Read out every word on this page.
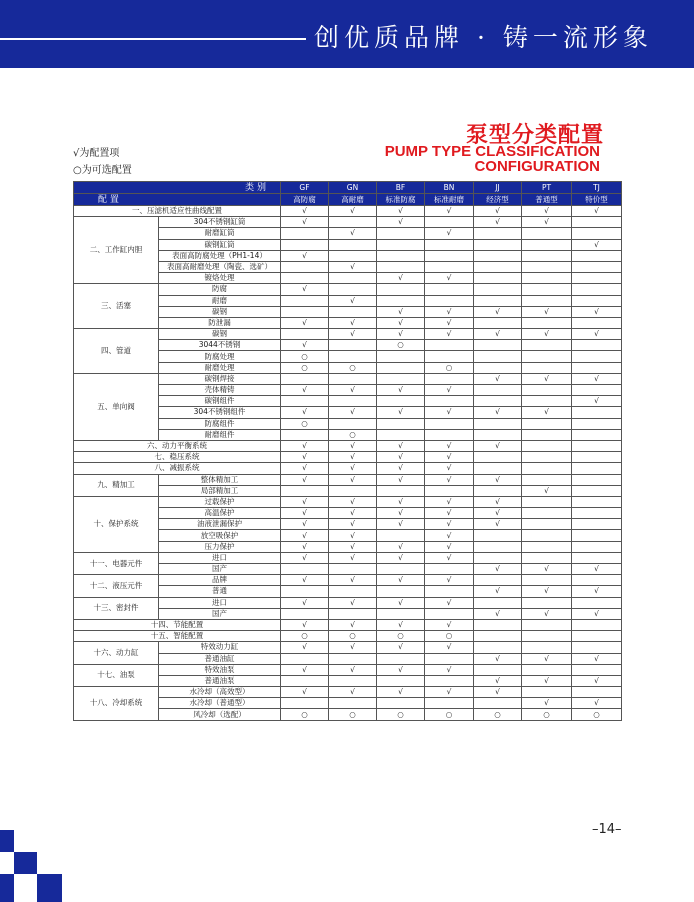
创优质品牌 · 铸一流形象
泵型分类配置
PUMP TYPE CLASSIFICATION
CONFIGURATION
√为配置项
○为可选配置
类 别		GF	GN	BF	BN	JJ	PT	TJ
配 置		高防腐	高耐磨	标准防腐	标准耐磨	经济型	普通型	特价型
一、压滤机适应性曲线配置		√	√	√	√	√	√	√
二、工作缸内胆	304不锈钢缸筒	√		√		√	√	
	耐磨缸筒		√		√			
	碳钢缸筒							√
	表面高防腐处理（PH1-14）	√						
	表面高耐磨处理（陶瓷、选矿）		√					
	镀烙处理			√	√			
三、活塞	防腐	√						
	耐磨		√					
	碳钢			√	√	√	√	√
	防泄漏	√	√	√	√			
四、管道	碳钢		√	√	√	√	√	√
	3044不锈钢	√		○				
	防腐处理	○						
	耐磨处理	○	○		○			
五、单向阀	碳钢焊接					√	√	√
	壳体精铸	√	√	√	√			
	碳钢组件							√
	304不锈钢组件	√	√	√	√	√	√	
	防腐组件	○						
	耐磨组件		○					
六、动力平衡系统		√	√	√	√	√		
七、稳压系统		√	√	√	√			
八、减振系统		√	√	√	√			
九、精加工	整体精加工	√	√	√	√	√		
	局部精加工						√	
十、保护系统	过载保护	√	√	√	√	√		
	高温保护	√	√	√	√	√		
	油液泄漏保护	√	√	√	√	√		
	放空吸保护	√	√		√			
	压力保护	√	√	√	√			
十一、电器元件	进口	√	√	√	√			
	国产					√	√	√
十二、液压元件	品牌	√	√	√	√			
	普通					√	√	√
十三、密封件	进口	√	√	√	√			
	国产					√	√	√
十四、节能配置		√	√	√	√			
十五、智能配置		○	○	○	○			
十六、动力缸	特效动力缸	√	√	√	√			
	普通油缸					√	√	√
十七、油泵	特效油泵	√	√	√	√			
	普通油泵					√	√	√
十八、冷却系统	水冷却（高效型）	√	√	√	√	√		
	水冷却（普通型）						√	√
	风冷却（选配）	○	○	○	○	○	○	○
–14–
